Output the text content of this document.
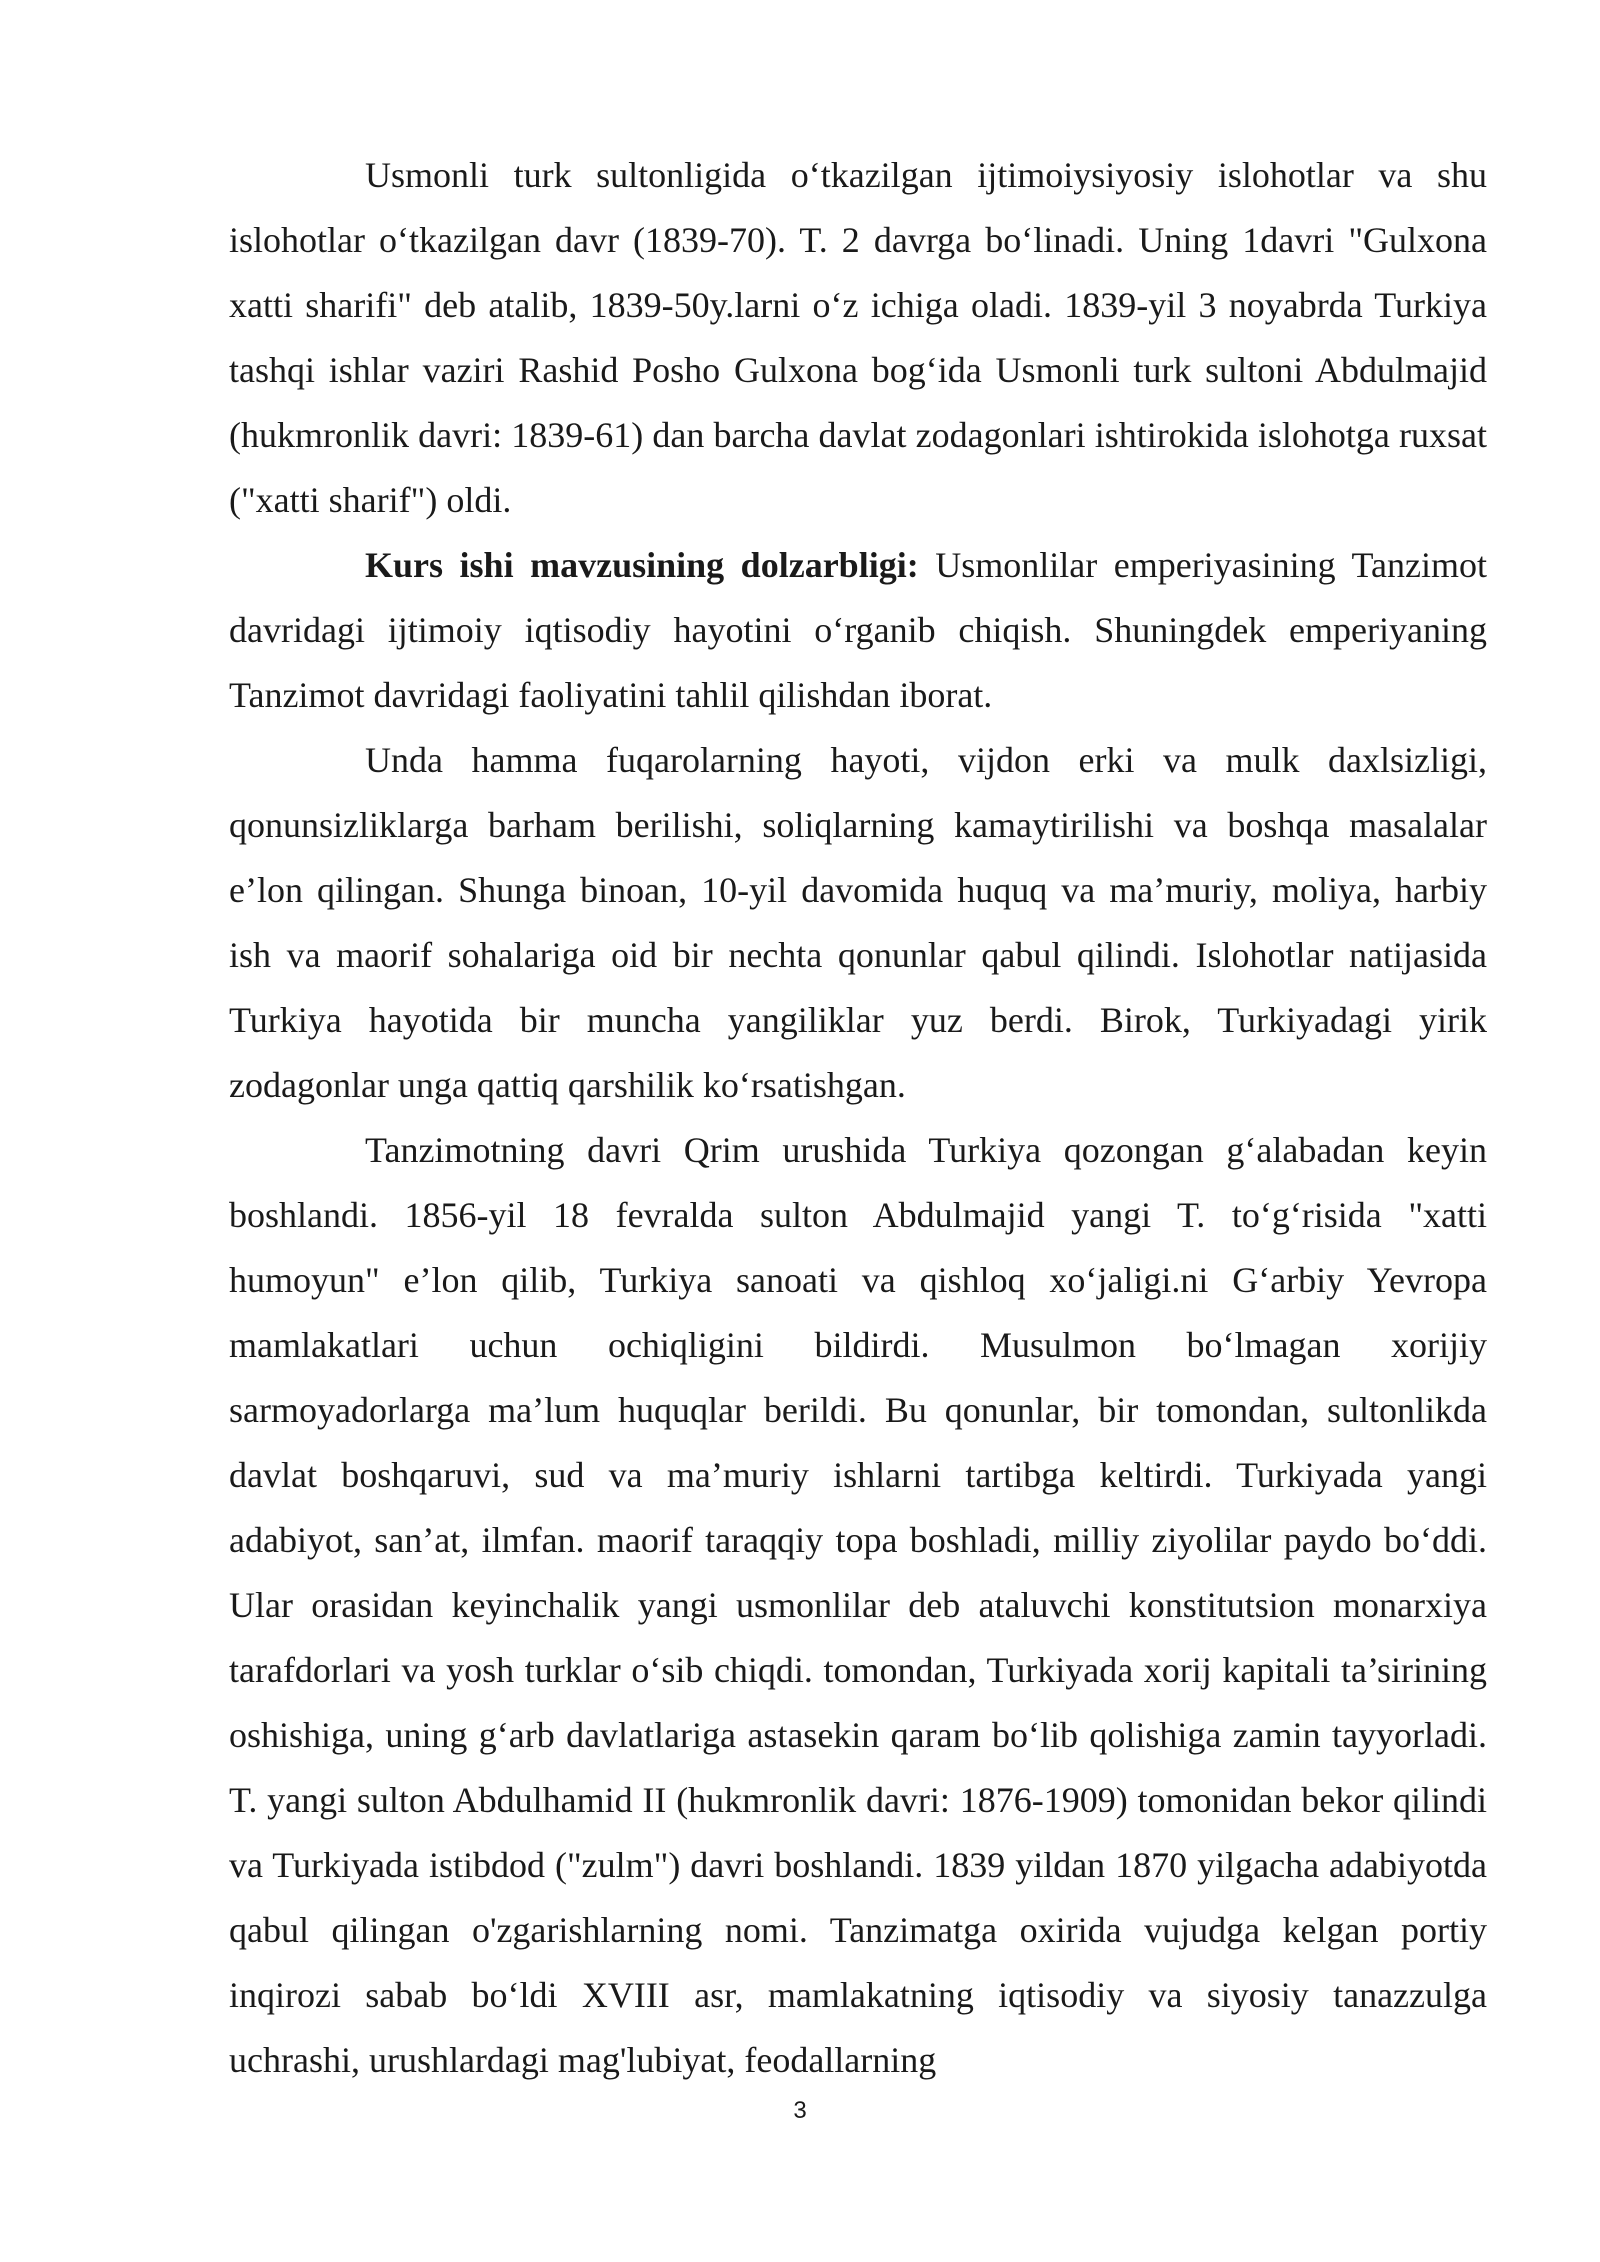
Usmonli turk sultonligida o‘tkazilgan ijtimoiysiyosiy islohotlar va shu islohotlar o‘tkazilgan davr (1839-70). T. 2 davrga bo‘linadi. Uning 1davri "Gulxona xatti sharifi" deb atalib, 1839-50y.larni o‘z ichiga oladi. 1839-yil 3 noyabrda Turkiya tashqi ishlar vaziri Rashid Posho Gulxona bog‘ida Usmonli turk sultoni Abdulmajid (hukmronlik davri: 1839-61) dan barcha davlat zodagonlari ishtirokida islohotga ruxsat ("xatti sharif") oldi.

Kurs ishi mavzusining dolzarbligi: Usmonlilar emperiyasining Tanzimot davridagi ijtimoiy iqtisodiy hayotini o‘rganib chiqish. Shuningdek emperiyaning Tanzimot davridagi faoliyatini tahlil qilishdan iborat.

Unda hamma fuqarolarning hayoti, vijdon erki va mulk daxlsizligi, qonunsizliklarga barham berilishi, soliqlarning kamaytirilishi va boshqa masalalar e’lon qilingan. Shunga binoan, 10-yil davomida huquq va ma’muriy, moliya, harbiy ish va maorif sohalariga oid bir nechta qonunlar qabul qilindi. Islohotlar natijasida Turkiya hayotida bir muncha yangiliklar yuz berdi. Birok, Turkiyadagi yirik zodagonlar unga qattiq qarshilik ko‘rsatishgan.

Tanzimotning davri Qrim urushida Turkiya qozongan g‘alabadan keyin boshlandi. 1856-yil 18 fevralda sulton Abdulmajid yangi T. to‘g‘risida "xatti humoyun" e’lon qilib, Turkiya sanoati va qishloq xo‘jaligi.ni G‘arbiy Yevropa mamlakatlari uchun ochiqligini bildirdi. Musulmon bo‘lmagan xorijiy sarmoyadorlarga ma’lum huquqlar berildi. Bu qonunlar, bir tomondan, sultonlikda davlat boshqaruvi, sud va ma’muriy ishlarni tartibga keltirdi. Turkiyada yangi adabiyot, san’at, ilmfan. maorif taraqqiy topa boshladi, milliy ziyolilar paydo bo‘ddi. Ular orasidan keyinchalik yangi usmonlilar deb ataluvchi konstitutsion monarxiya tarafdorlari va yosh turklar o‘sib chiqdi. tomondan, Turkiyada xorij kapitali ta’sirining oshishiga, uning g‘arb davlatlariga astasekin qaram bo‘lib qolishiga zamin tayyorladi. T. yangi sulton Abdulhamid II (hukmronlik davri: 1876-1909) tomonidan bekor qilindi va Turkiyada istibdod ("zulm") davri boshlandi. 1839 yildan 1870 yilgacha adabiyotda qabul qilingan o'zgarishlarning nomi. Tanzimatga oxirida vujudga kelgan portiy inqirozi sabab bo‘ldi XVIII asr, mamlakatning iqtisodiy va siyosiy tanazzulga uchrashi, urushlardagi mag'lubiyat, feodallarning

3
